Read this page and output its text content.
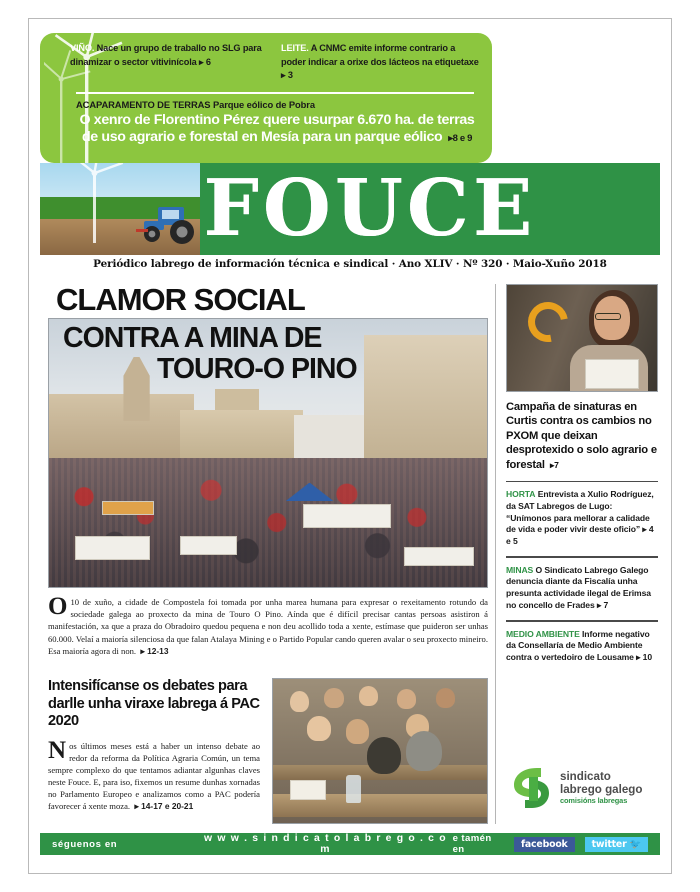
VIÑO. Nace un grupo de traballo no SLG para dinamizar o sector vitivinícola ▸ 6
LEITE. A CNMC emite informe contrario a poder indicar a orixe dos lácteos na etiquetaxe ▸ 3
ACAPARAMENTO DE TERRAS Parque eólico de Pobra
O xenro de Florentino Pérez quere usurpar 6.670 ha. de terras de uso agrario e forestal en Mesía para un parque eólico  ▸8 e 9
FOUCE
Periódico labrego de información técnica e sindical · Ano XLIV · Nº 320 · Maio-Xuño 2018
CLAMOR SOCIAL
CONTRA A MINA DE
TOURO-O PINO
O 10 de xuño, a cidade de Compostela foi tomada por unha marea humana para expresar o rexeitamento rotundo da sociedade galega ao proxecto da mina de Touro O Pino. Aínda que é difícil precisar cantas persoas asistiron á manifestación, xa que a praza do Obradoiro quedou pequena e non deu acollido toda a xente, estímase que puideron ser unhas 60.000. Velaí a maioría silenciosa da que falan Atalaya Mining e o Partido Popular cando queren avalar o seu proxecto mineiro. Esa maioría agora di non.  ▸ 12-13
Campaña de sinaturas en Curtis contra os cambios no PXOM que deixan desprotexido o solo agrario e forestal  ▸7
HORTA Entrevista a Xulio Rodríguez, da SAT Labregos de Lugo: “Unímonos para mellorar a calidade de vida e poder vivir deste oficio” ▸ 4 e 5
MINAS O Sindicato Labrego Galego denuncia diante da Fiscalía unha presunta actividade ilegal de Erimsa no concello de Frades ▸ 7
MEDIO AMBIENTE Informe negativo da Consellaría de Medio Ambiente contra o vertedoiro de Lousame ▸ 10
sindicato
labrego galego
comisións labregas
Intensifícanse os debates para darlle unha viraxe labrega á PAC 2020
Nos últimos meses está a haber un intenso debate ao redor da reforma da Política Agraria Común, un tema sempre complexo do que tentamos adiantar algunhas claves neste Fouce. E, para iso, fixemos un resume dunhas xornadas no Parlamento Europeo e analizamos como a PAC podería favorecer á xente moza.  ▸ 14-17 e 20-21
séguenos en	w w w . s i n d i c a t o l a b r e g o . c o m
e tamén en	facebook	twitter 🐦
